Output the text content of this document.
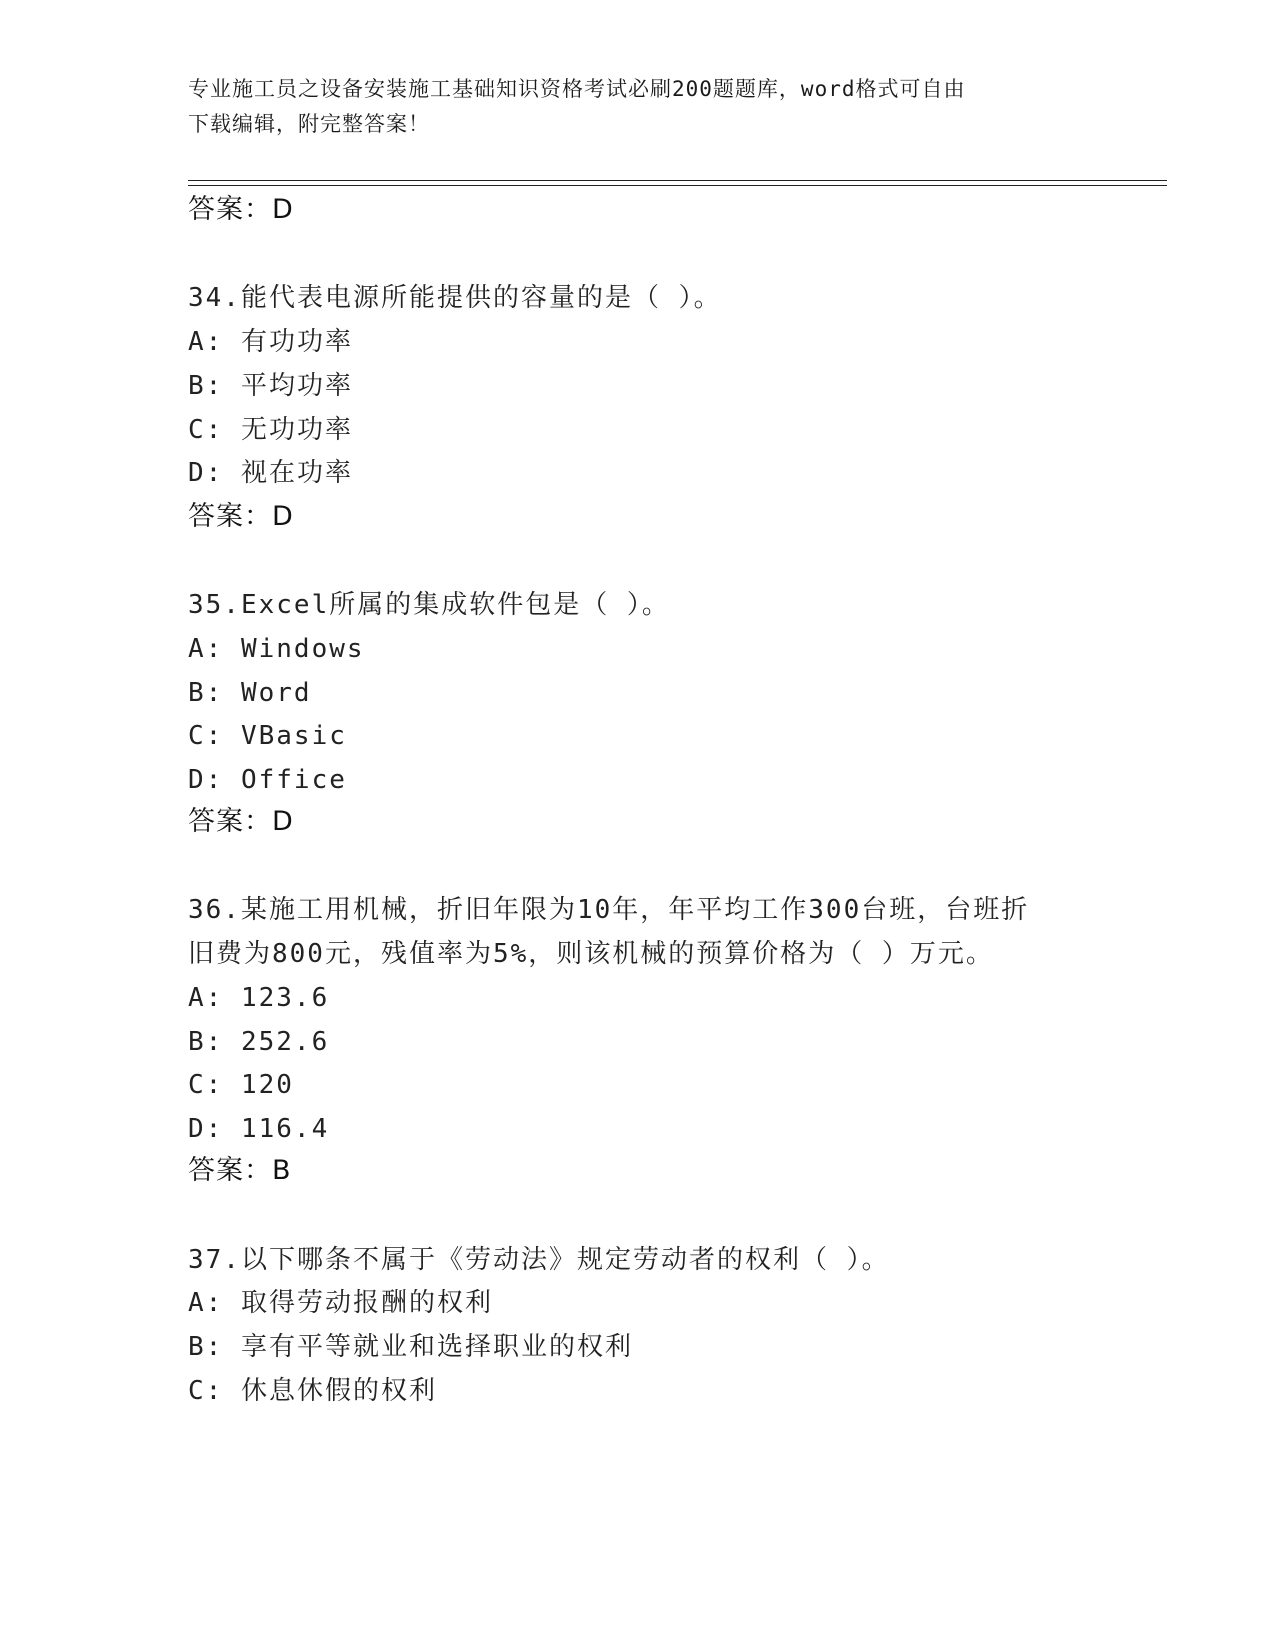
专业施工员之设备安装施工基础知识资格考试必刷200题题库，word格式可自由
下载编辑，附完整答案！
答案：D
34.能代表电源所能提供的容量的是（ ）。
A: 有功功率
B: 平均功率
C: 无功功率
D: 视在功率
答案：D
35.Excel所属的集成软件包是（ ）。
A: Windows
B: Word
C: VBasic
D: Office
答案：D
36.某施工用机械，折旧年限为10年，年平均工作300台班，台班折
旧费为800元，残值率为5%，则该机械的预算价格为（ ）万元。
A: 123.6
B: 252.6
C: 120
D: 116.4
答案：B
37.以下哪条不属于《劳动法》规定劳动者的权利（ ）。
A: 取得劳动报酬的权利
B: 享有平等就业和选择职业的权利
C: 休息休假的权利
